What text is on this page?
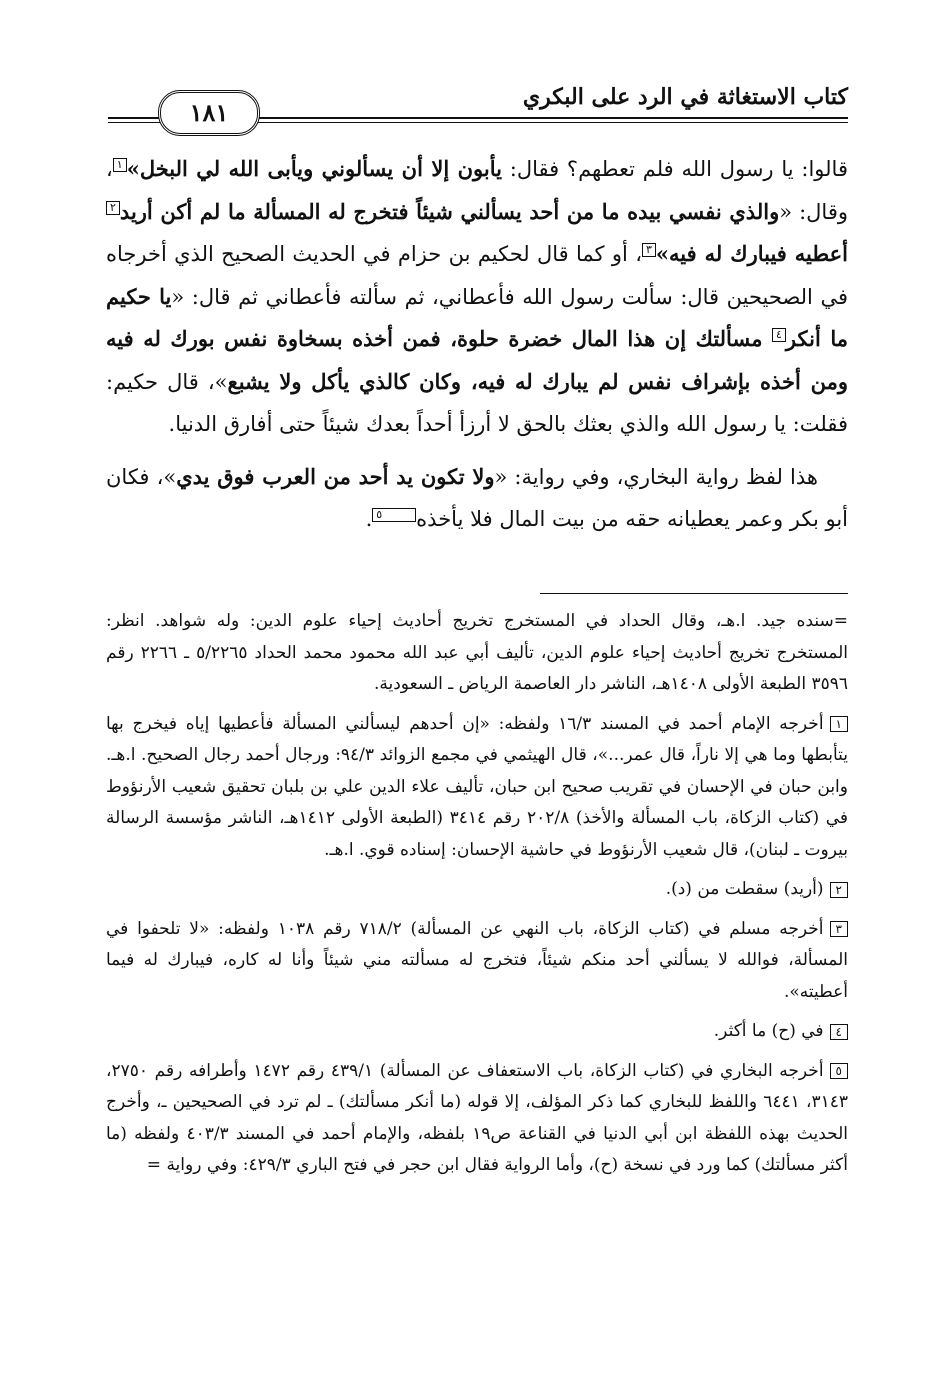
كتاب الاستغاثة في الرد على البكري
١٨١

قالوا: يا رسول الله فلم تعطهم؟ فقال: يأبون إلا أن يسألوني ويأبى الله لي البخل»١، وقال: «والذي نفسي بيده ما من أحد يسألني شيئاً فتخرج له المسألة ما لم أكن أريد٢ أعطيه فيبارك له فيه»٣، أو كما قال لحكيم بن حزام في الحديث الصحيح الذي أخرجاه في الصحيحين قال: سألت رسول الله فأعطاني، ثم سألته فأعطاني ثم قال: «يا حكيم ما أنكر٤ مسألتك إن هذا المال خضرة حلوة، فمن أخذه بسخاوة نفس بورك له فيه ومن أخذه بإشراف نفس لم يبارك له فيه، وكان كالذي يأكل ولا يشبع»، قال حكيم: فقلت: يا رسول الله والذي بعثك بالحق لا أرزأ أحداً بعدك شيئاً حتى أفارق الدنيا.

هذا لفظ رواية البخاري، وفي رواية: «ولا تكون يد أحد من العرب فوق يدي»، فكان أبو بكر وعمر يعطيانه حقه من بيت المال فلا يأخذه٥.

=سنده جيد. ا.هـ، وقال الحداد في المستخرج تخريج أحاديث إحياء علوم الدين: وله شواهد. انظر: المستخرج تخريج أحاديث إحياء علوم الدين، تأليف أبي عبد الله محمود محمد الحداد ٥/٢٢٦٥ ـ ٢٢٦٦ رقم ٣٥٩٦ الطبعة الأولى ١٤٠٨هـ، الناشر دار العاصمة الرياض ـ السعودية.

١أخرجه الإمام أحمد في المسند ١٦/٣ ولفظه: «إن أحدهم ليسألني المسألة فأعطيها إياه فيخرج بها يتأبطها وما هي إلا ناراً، قال عمر...»، قال الهيثمي في مجمع الزوائد ٩٤/٣: ورجال أحمد رجال الصحيح. ا.هـ. وابن حبان في الإحسان في تقريب صحيح ابن حبان، تأليف علاء الدين علي بن بلبان تحقيق شعيب الأرنؤوط في (كتاب الزكاة، باب المسألة والأخذ) ٢٠٢/٨ رقم ٣٤١٤ (الطبعة الأولى ١٤١٢هـ، الناشر مؤسسة الرسالة بيروت ـ لبنان)، قال شعيب الأرنؤوط في حاشية الإحسان: إسناده قوي. ا.هـ.

٢(أريد) سقطت من (د).

٣أخرجه مسلم في (كتاب الزكاة، باب النهي عن المسألة) ٧١٨/٢ رقم ١٠٣٨ ولفظه: «لا تلحفوا في المسألة، فوالله لا يسألني أحد منكم شيئاً، فتخرج له مسألته مني شيئاً وأنا له كاره، فيبارك له فيما أعطيته».

٤في (ح) ما أكثر.

٥أخرجه البخاري في (كتاب الزكاة، باب الاستعفاف عن المسألة) ٤٣٩/١ رقم ١٤٧٢ وأطرافه رقم ٢٧٥٠، ٣١٤٣، ٦٤٤١ واللفظ للبخاري كما ذكر المؤلف، إلا قوله (ما أنكر مسألتك) ـ لم ترد في الصحيحين ـ، وأخرج الحديث بهذه اللفظة ابن أبي الدنيا في القناعة ص١٩ بلفظه، والإمام أحمد في المسند ٤٠٣/٣ ولفظه (ما أكثر مسألتك) كما ورد في نسخة (ح)، وأما الرواية فقال ابن حجر في فتح الباري ٤٢٩/٣: وفي رواية =
